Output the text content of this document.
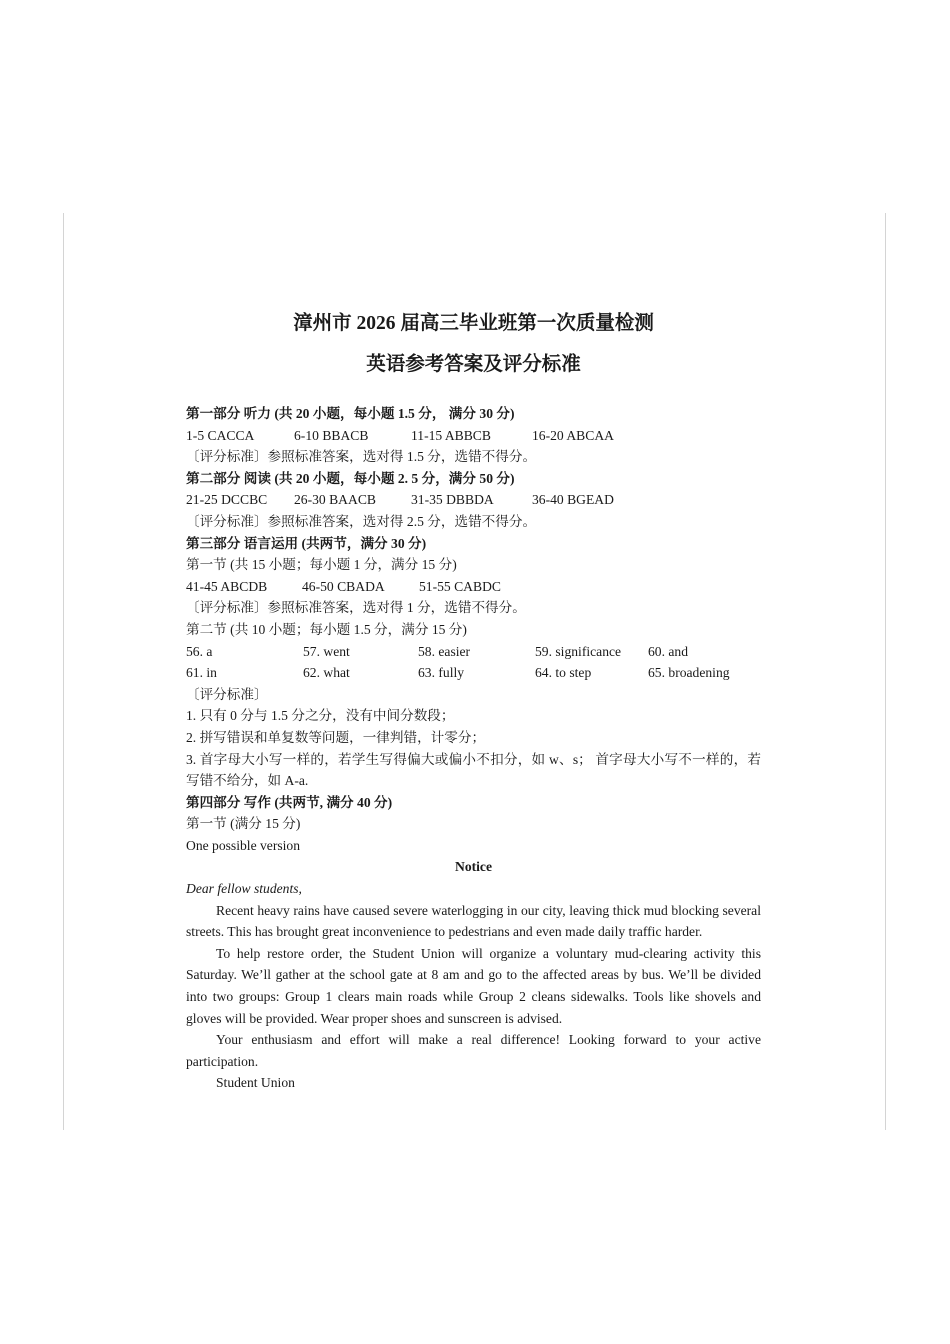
漳州市 2026 届高三毕业班第一次质量检测
英语参考答案及评分标准
第一部分 听力 (共 20 小题，每小题 1.5 分， 满分 30 分)
1-5 CACCA	6-10 BBACB	11-15 ABBCB	16-20 ABCAA
〔评分标准〕参照标准答案，选对得 1.5 分，选错不得分。
第二部分 阅读 (共 20 小题，每小题 2. 5 分，满分 50 分)
21-25 DCCBC 26-30 BAACB	31-35 DBBDA	36-40 BGEAD
〔评分标准〕参照标准答案，选对得 2.5 分，选错不得分。
第三部分 语言运用 (共两节，满分 30 分)
第一节 (共 15 小题；每小题 1 分，满分 15 分)
41-45 ABCDB	46-50 CBADA	51-55 CABDC
〔评分标准〕参照标准答案，选对得 1 分，选错不得分。
第二节 (共 10 小题；每小题 1.5 分，满分 15 分)
56. a	57. went	58. easier	59. significance 60. and
61. in	62. what	63. fully	64. to step	65. broadening
〔评分标准〕
1. 只有 0 分与 1.5 分之分，没有中间分数段；
2. 拼写错误和单复数等问题，一律判错，计零分；
3. 首字母大小写一样的，若学生写得偏大或偏小不扣分，如 w、s； 首字母大小写不一样的，若写错不给分，如 A-a.
第四部分 写作 (共两节, 满分 40 分)
第一节 (满分 15 分)
One possible version
Notice
Dear fellow students,
Recent heavy rains have caused severe waterlogging in our city, leaving thick mud blocking several streets. This has brought great inconvenience to pedestrians and even made daily traffic harder.
To help restore order, the Student Union will organize a voluntary mud-clearing activity this Saturday. We’ll gather at the school gate at 8 am and go to the affected areas by bus. We’ll be divided into two groups: Group 1 clears main roads while Group 2 cleans sidewalks. Tools like shovels and gloves will be provided. Wear proper shoes and sunscreen is advised.
Your enthusiasm and effort will make a real difference! Looking forward to your active participation.
Student Union
